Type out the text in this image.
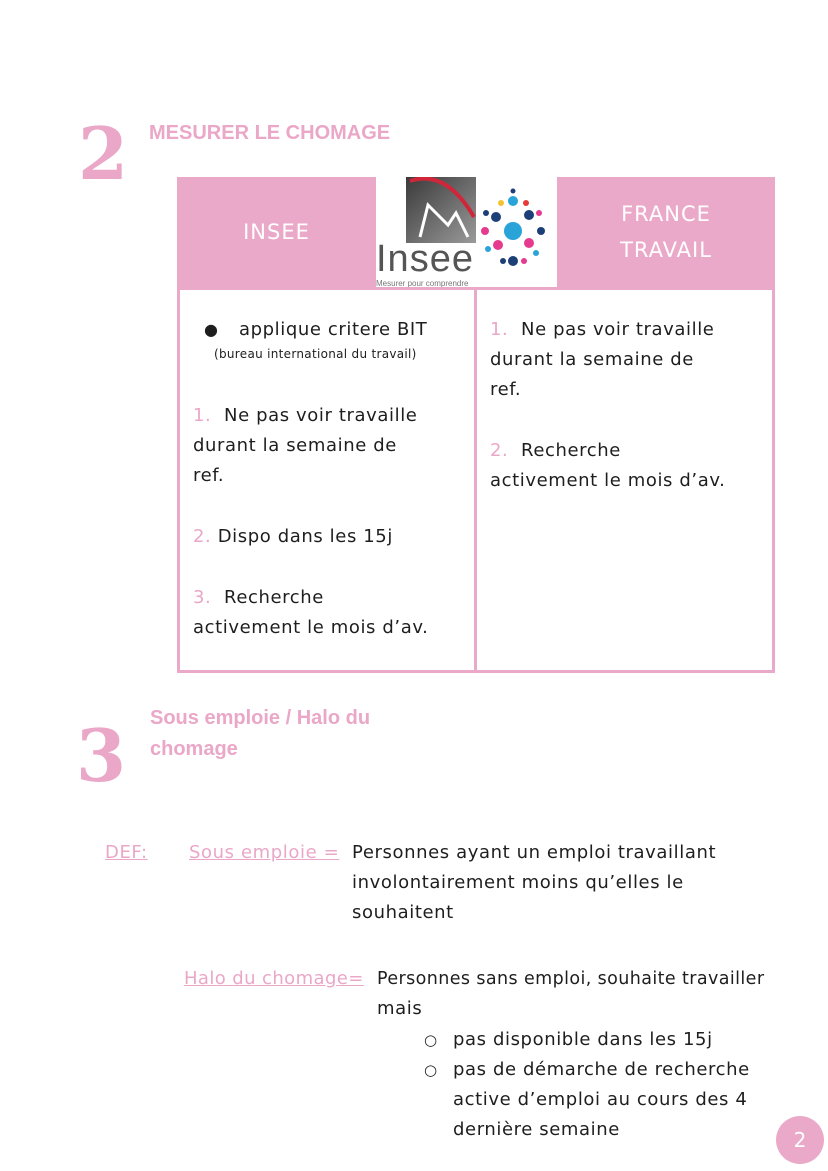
2 MESURER LE CHOMAGE
INSEE
FRANCE
TRAVAIL
Insee
Mesurer pour comprendre
● applique critere BIT
(bureau international du travail)
1. Ne pas voir travaille
durant la semaine de
ref.
2. Dispo dans les 15j
3. Recherche
activement le mois d’av.
1. Ne pas voir travaille
durant la semaine de
ref.
2. Recherche
activement le mois d’av.
3 Sous emploie / Halo du
chomage
DEF: Sous emploie = Personnes ayant un emploi travaillant
involontairement moins qu’elles le
souhaitent
Halo du chomage= Personnes sans emploi, souhaite travailler
mais
○ pas disponible dans les 15j
○ pas de démarche de recherche
active d’emploi au cours des 4
dernière semaine	2
